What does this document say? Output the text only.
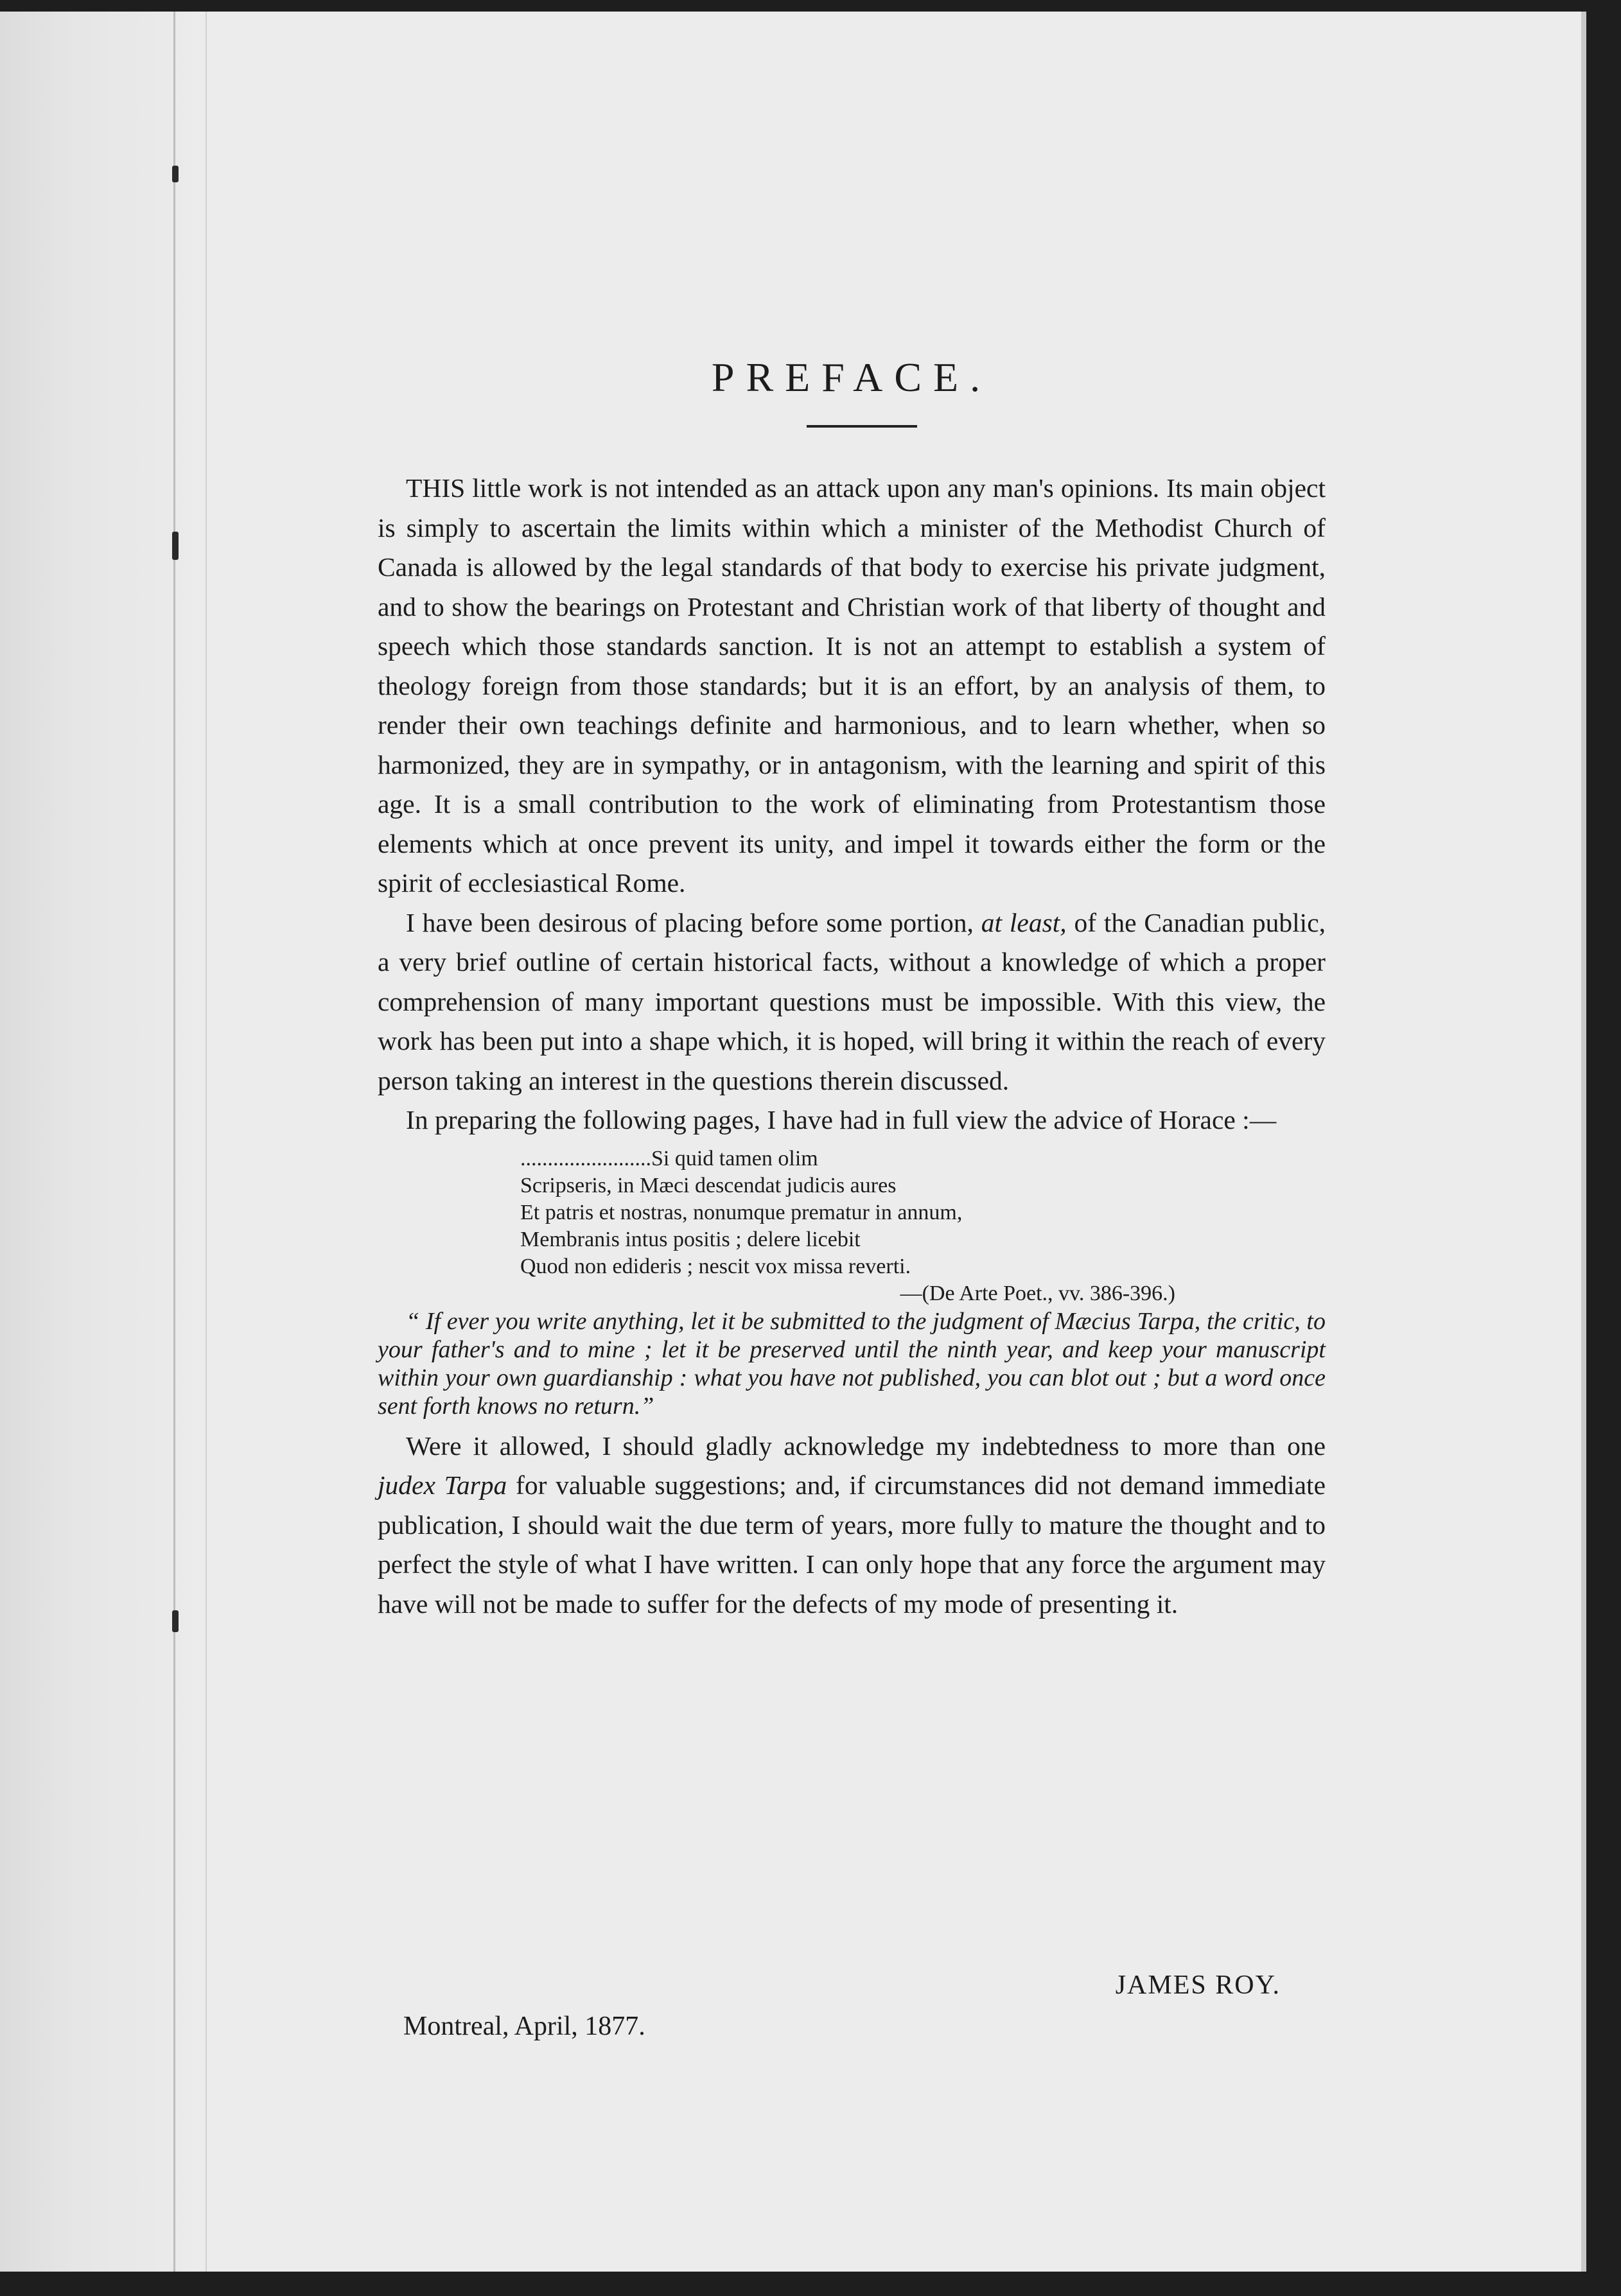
PREFACE.

THIS little work is not intended as an attack upon any man's opinions. Its main object is simply to ascertain the limits within which a minister of the Methodist Church of Canada is allowed by the legal standards of that body to exercise his private judgment, and to show the bearings on Protestant and Christian work of that liberty of thought and speech which those standards sanction. It is not an attempt to establish a system of theology foreign from those standards; but it is an effort, by an analysis of them, to render their own teachings definite and harmonious, and to learn whether, when so harmonized, they are in sympathy, or in antagonism, with the learning and spirit of this age. It is a small contribution to the work of eliminating from Protestantism those elements which at once prevent its unity, and impel it towards either the form or the spirit of ecclesiastical Rome.

I have been desirous of placing before some portion, at least, of the Canadian public, a very brief outline of certain historical facts, without a knowledge of which a proper comprehension of many important questions must be impossible. With this view, the work has been put into a shape which, it is hoped, will bring it within the reach of every person taking an interest in the questions therein discussed.

In preparing the following pages, I have had in full view the advice of Horace :—

........................Si quid tamen olim
Scripseris, in Mæci descendat judicis aures
Et patris et nostras, nonumque prematur in annum,
Membranis intus positis ; delere licebit
Quod non edideris ; nescit vox missa reverti.
—(De Arte Poet., vv. 386-396.)

“ If ever you write anything, let it be submitted to the judgment of Mæcius Tarpa, the critic, to your father's and to mine ; let it be preserved until the ninth year, and keep your manuscript within your own guardianship : what you have not published, you can blot out ; but a word once sent forth knows no return.”

Were it allowed, I should gladly acknowledge my indebtedness to more than one judex Tarpa for valuable suggestions; and, if circumstances did not demand immediate publication, I should wait the due term of years, more fully to mature the thought and to perfect the style of what I have written. I can only hope that any force the argument may have will not be made to suffer for the defects of my mode of presenting it.

JAMES ROY.
Montreal, April, 1877.
